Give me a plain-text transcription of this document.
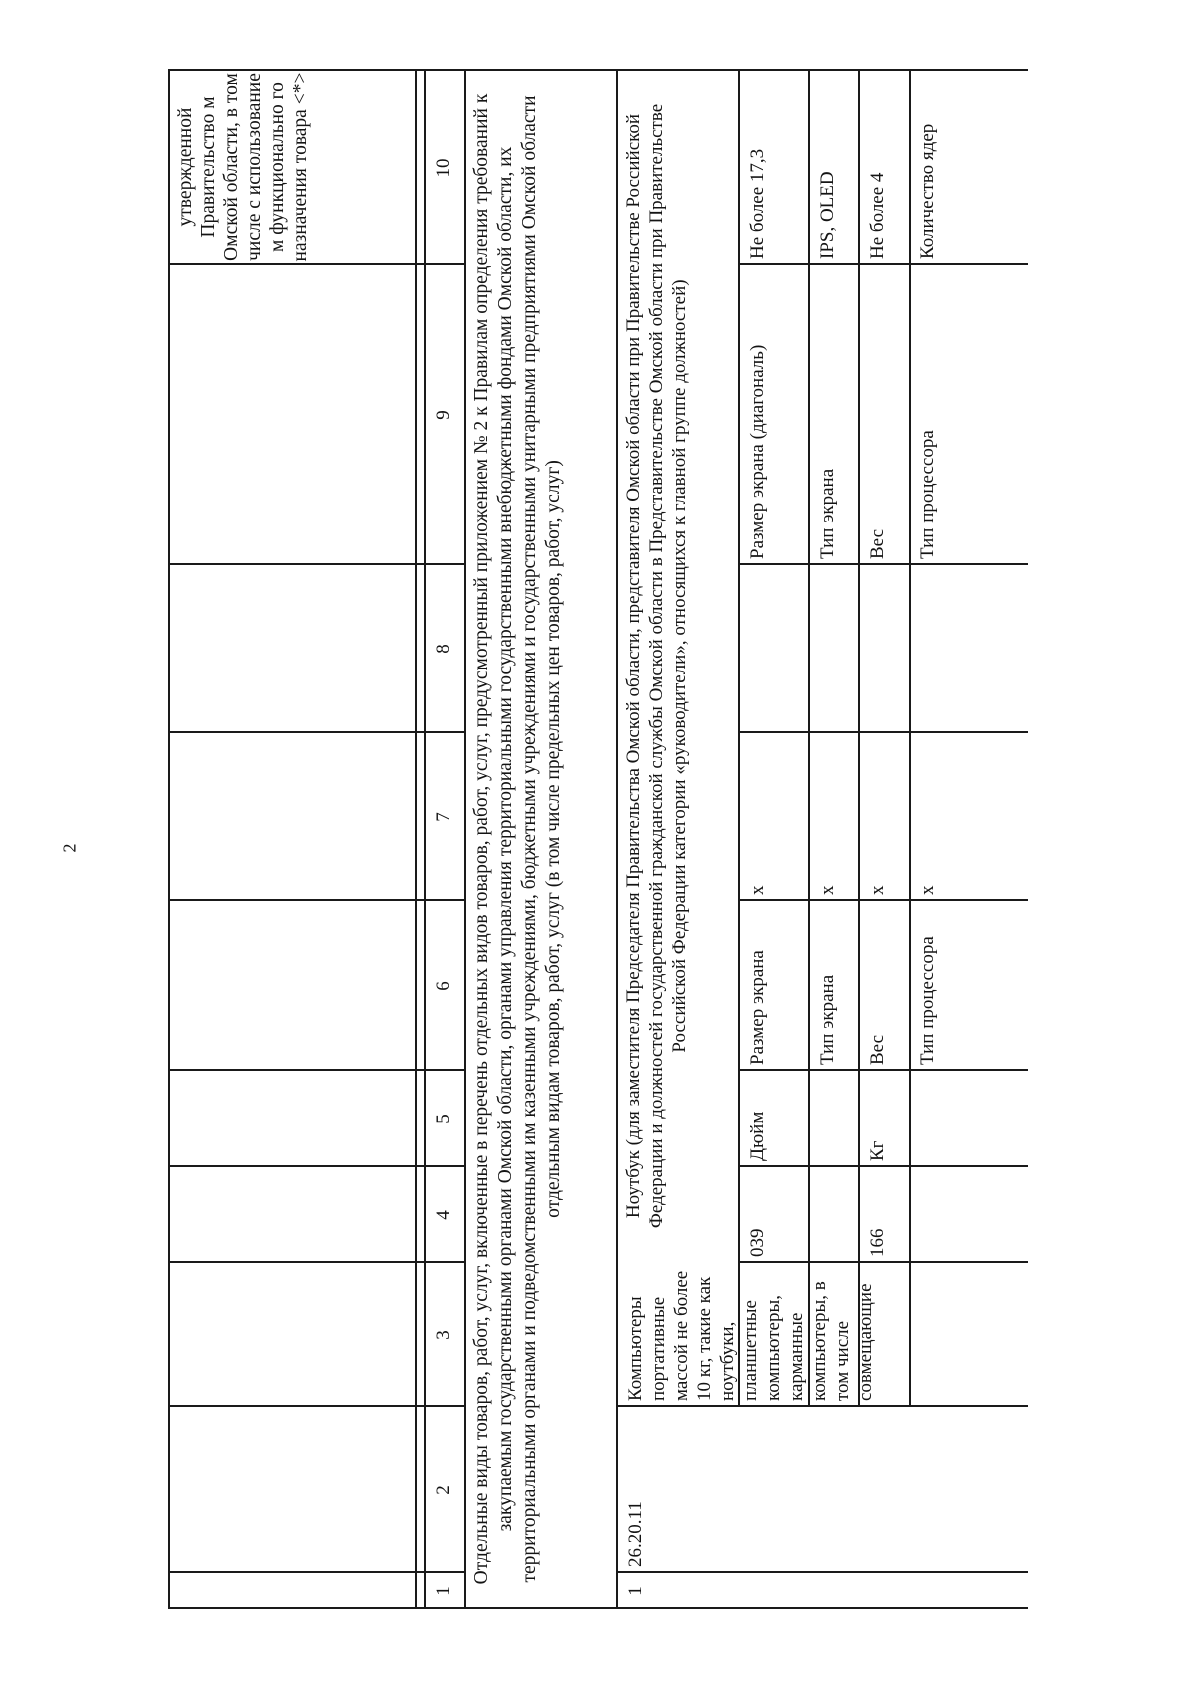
2
утвержденной Правительство м Омской области, в том числе с использование м функционально го назначения товара <*>
1
2
3
4
5
6
7
8
9
10 Отдельные виды товаров, работ, услуг, включенные в перечень отдельных видов товаров, работ, услуг, предусмотренный приложением № 2 к Правилам определения требований к закупаемым государственными органами Омской области, органами управления территориальными государственными внебюджетными фондами Омской области, их территориальными органами и подведомственными им казенными учреждениями, бюджетными учреждениями и государственными унитарными предприятиями Омской области отдельным видам товаров, работ, услуг (в том числе предельных цен товаров, работ, услуг)
1
26.20.11
Компьютеры портативные массой не более 10 кг, такие как ноутбуки, планшетные компьютеры, карманные компьютеры, в том числе совмещающие
Ноутбук (для заместителя Председателя Правительства Омской области, представителя Омской области при Правительстве Российской Федерации и должностей государственной гражданской службы Омской области в Представительстве Омской области при Правительстве Российской Федерации категории «руководители», относящихся к главной группе должностей)
039
Дюйм
Размер экрана
x
Размер экрана (диагональ)
Не более 17,3
Тип экрана
x
Тип экрана
IPS, OLED
166
Кг
Вес
x
Вес
Не более 4
Тип процессора
x
Тип процессора
Количество ядер
